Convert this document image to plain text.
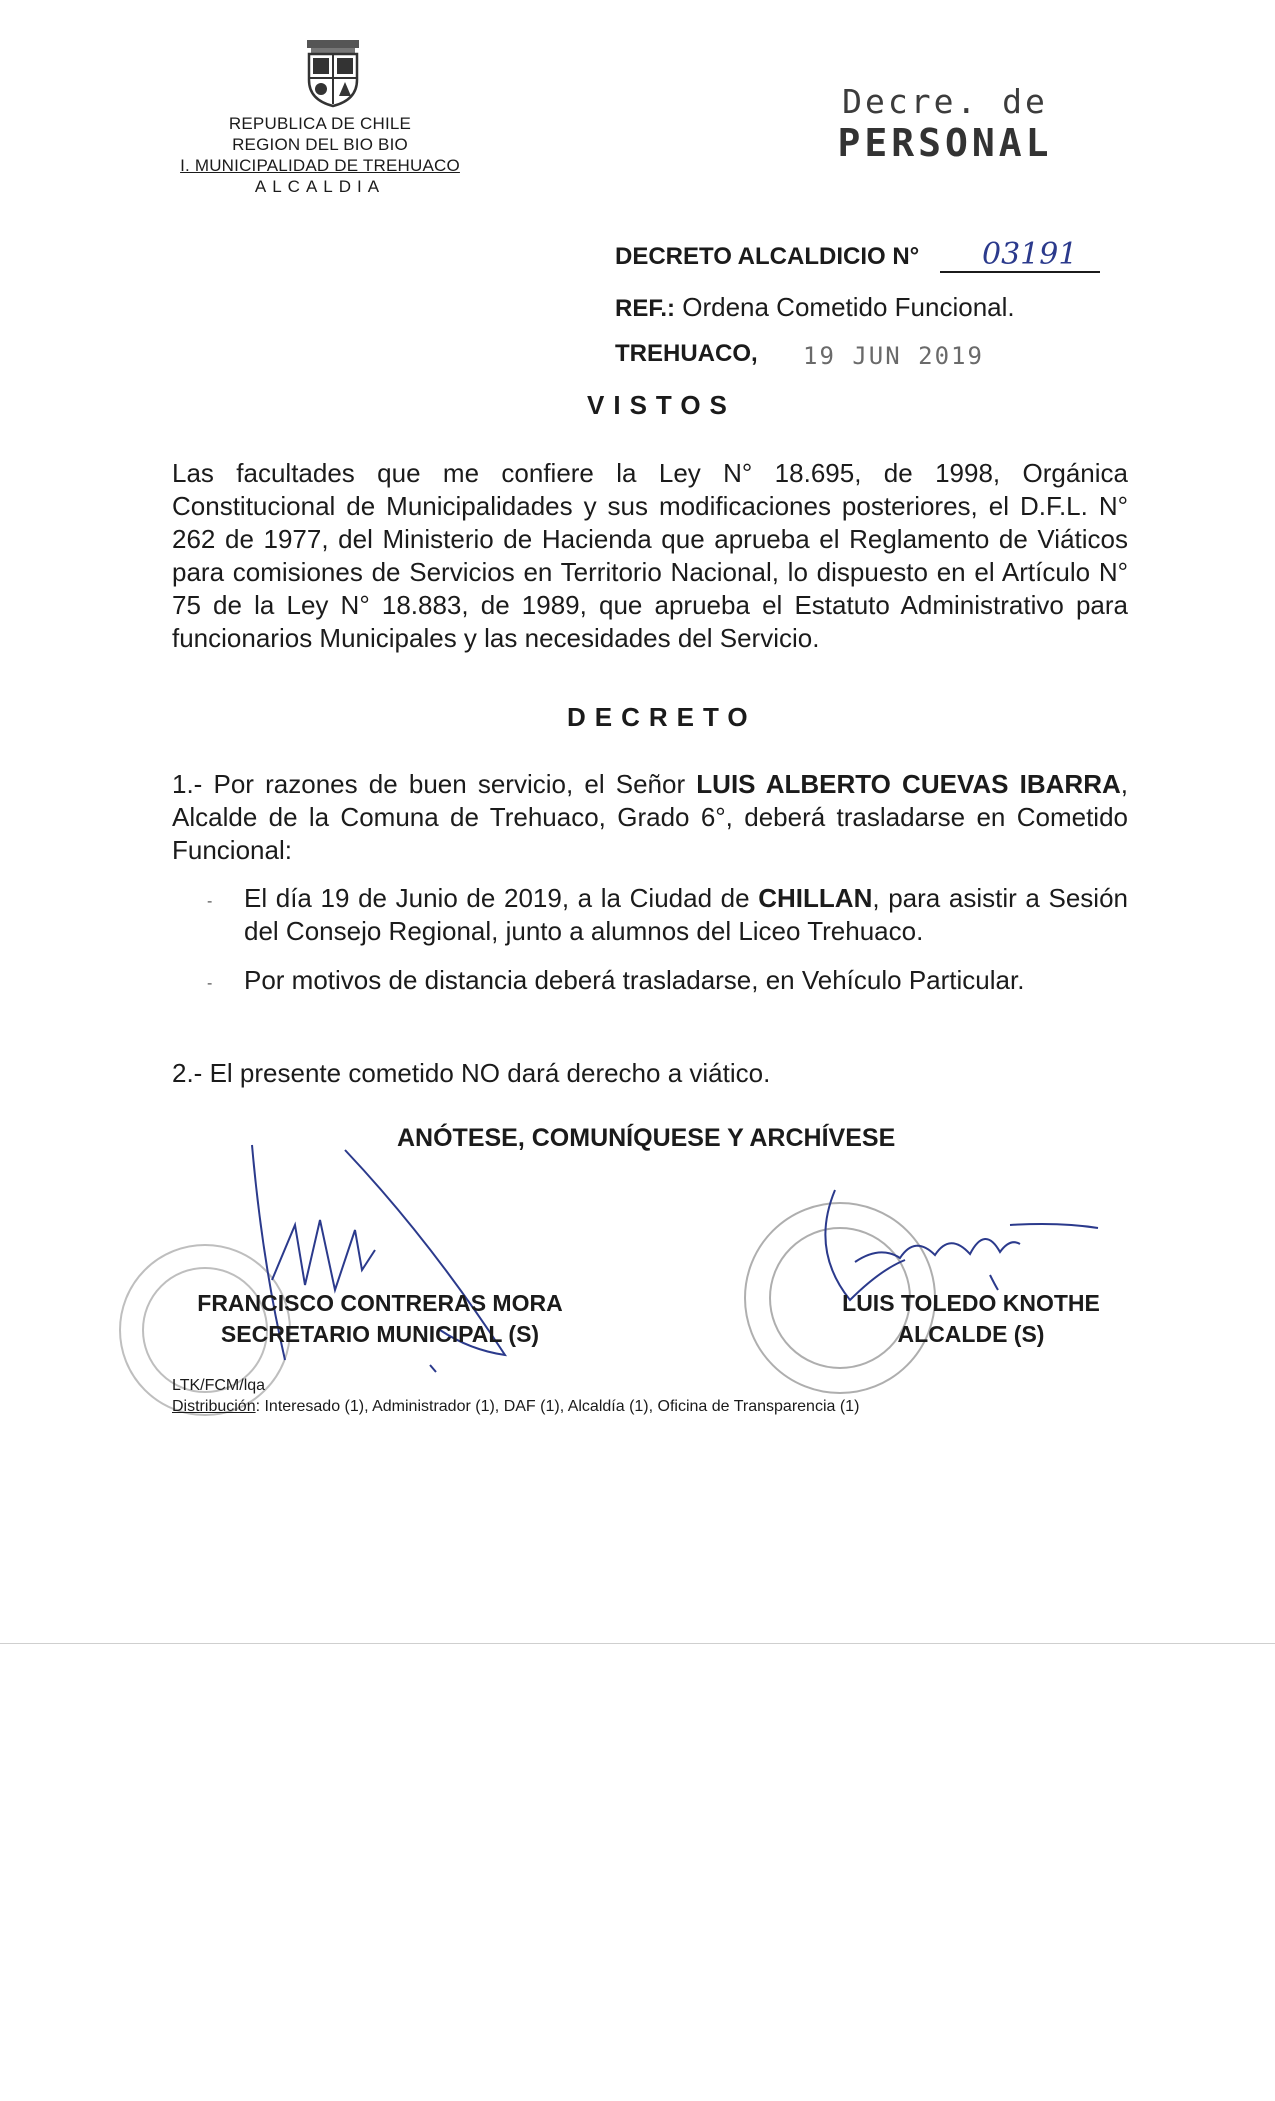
REPUBLICA DE CHILE
REGION DEL BIO BIO
I. MUNICIPALIDAD DE TREHUACO
ALCALDIA
Decre. de
PERSONAL
DECRETO ALCALDICIO N° 03191
REF.: Ordena Cometido Funcional.
TREHUACO, 19 JUN 2019
VISTOS
Las facultades que me confiere la Ley N° 18.695, de 1998, Orgánica Constitucional de Municipalidades y sus modificaciones posteriores, el D.F.L. N° 262 de 1977, del Ministerio de Hacienda que aprueba el Reglamento de Viáticos para comisiones de Servicios en Territorio Nacional, lo dispuesto en el Artículo N° 75 de la Ley N° 18.883, de 1989, que aprueba el Estatuto Administrativo para funcionarios Municipales y las necesidades del Servicio.
DECRETO
1.- Por razones de buen servicio, el Señor LUIS ALBERTO CUEVAS IBARRA, Alcalde de la Comuna de Trehuaco, Grado 6°, deberá trasladarse en Cometido Funcional:
- El día 19 de Junio de 2019, a la Ciudad de CHILLAN, para asistir a Sesión del Consejo Regional, junto a alumnos del Liceo Trehuaco.
- Por motivos de distancia deberá trasladarse, en Vehículo Particular.
2.- El presente cometido NO dará derecho a viático.
ANÓTESE, COMUNÍQUESE Y ARCHÍVESE
FRANCISCO CONTRERAS MORA
SECRETARIO MUNICIPAL (S)
LUIS TOLEDO KNOTHE
ALCALDE (S)
LTK/FCM/lqa
Distribución: Interesado (1), Administrador (1), DAF (1), Alcaldía (1), Oficina de Transparencia (1)
